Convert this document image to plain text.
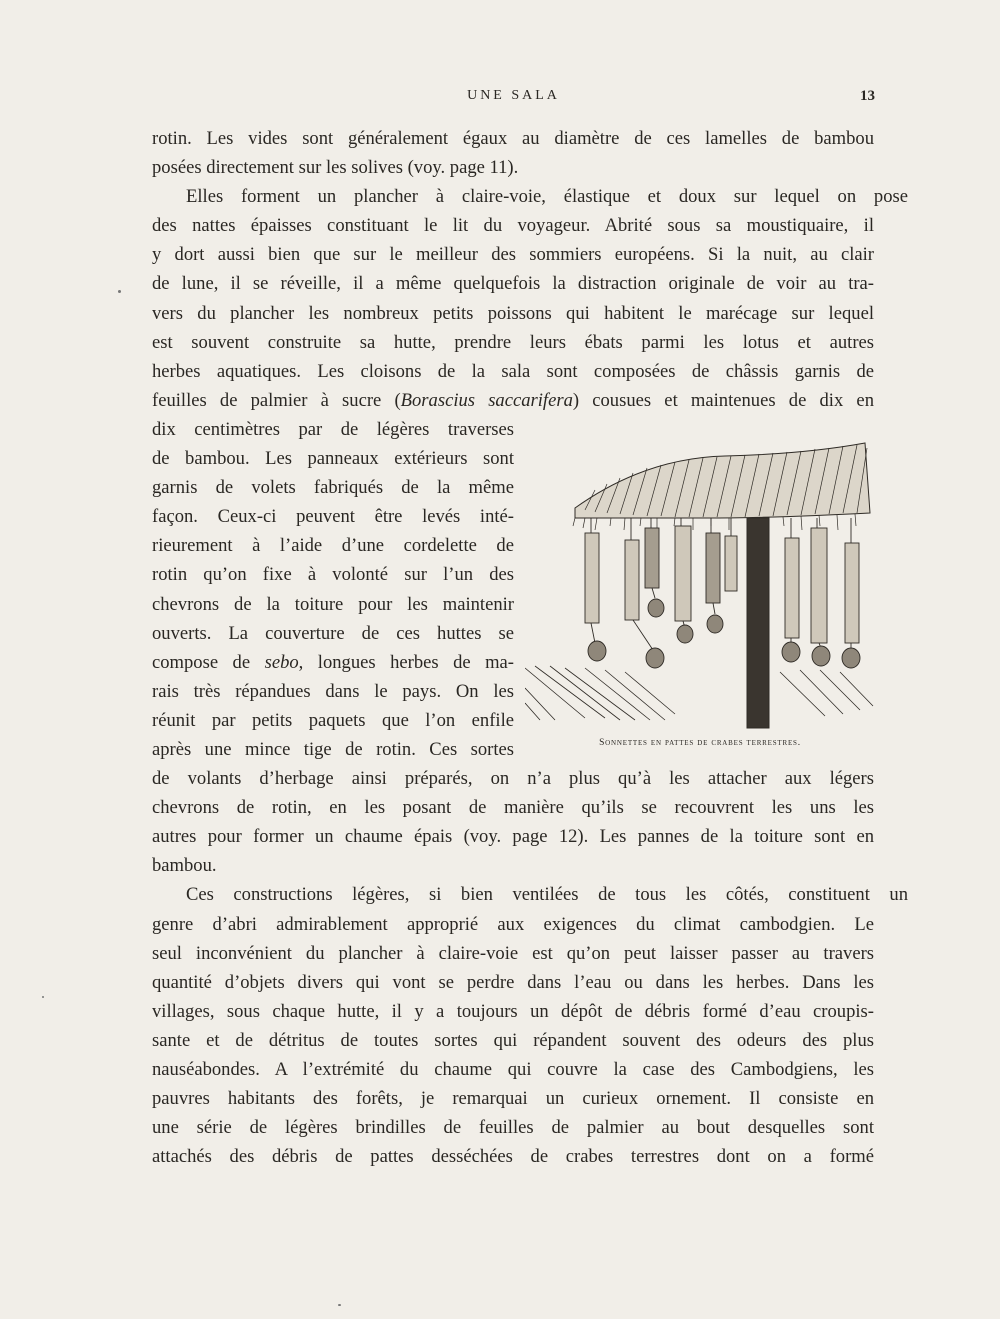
UNE SALA	13
rotin. Les vides sont généralement égaux au diamètre de ces lamelles de bambou
posées directement sur les solives (voy. page 11).
Elles forment un plancher à claire-voie, élastique et doux sur lequel on pose
des nattes épaisses constituant le lit du voyageur. Abrité sous sa moustiquaire, il
y dort aussi bien que sur le meilleur des sommiers européens. Si la nuit, au clair
de lune, il se réveille, il a même quelquefois la distraction originale de voir au tra-
vers du plancher les nombreux petits poissons qui habitent le marécage sur lequel
est souvent construite sa hutte, prendre leurs ébats parmi les lotus et autres
herbes aquatiques. Les cloisons de la sala sont composées de châssis garnis de
feuilles de palmier à sucre (Borascius saccarifera) cousues et maintenues de dix en
dix centimètres par de légères traverses
de bambou. Les panneaux extérieurs sont
garnis de volets fabriqués de la même
façon. Ceux-ci peuvent être levés inté-
rieurement à l’aide d’une cordelette de
rotin qu’on fixe à volonté sur l’un des
chevrons de la toiture pour les maintenir
ouverts. La couverture de ces huttes se
compose de sebo, longues herbes de ma-
rais très répandues dans le pays. On les
réunit par petits paquets que l’on enfile
après une mince tige de rotin. Ces sortes
de volants d’herbage ainsi préparés, on n’a plus qu’à les attacher aux légers
chevrons de rotin, en les posant de manière qu’ils se recouvrent les uns les
autres pour former un chaume épais (voy. page 12). Les pannes de la toiture sont en
bambou.
Ces constructions légères, si bien ventilées de tous les côtés, constituent un
genre d’abri admirablement approprié aux exigences du climat cambodgien. Le
seul inconvénient du plancher à claire-voie est qu’on peut laisser passer au travers
quantité d’objets divers qui vont se perdre dans l’eau ou dans les herbes. Dans les
villages, sous chaque hutte, il y a toujours un dépôt de débris formé d’eau croupis-
sante et de détritus de toutes sortes qui répandent souvent des odeurs des plus
nauséabondes. A l’extrémité du chaume qui couvre la case des Cambodgiens, les
pauvres habitants des forêts, je remarquai un curieux ornement. Il consiste en
une série de légères brindilles de feuilles de palmier au bout desquelles sont
attachés des débris de pattes desséchées de crabes terrestres dont on a formé
Sonnettes en pattes de crabes terrestres.
